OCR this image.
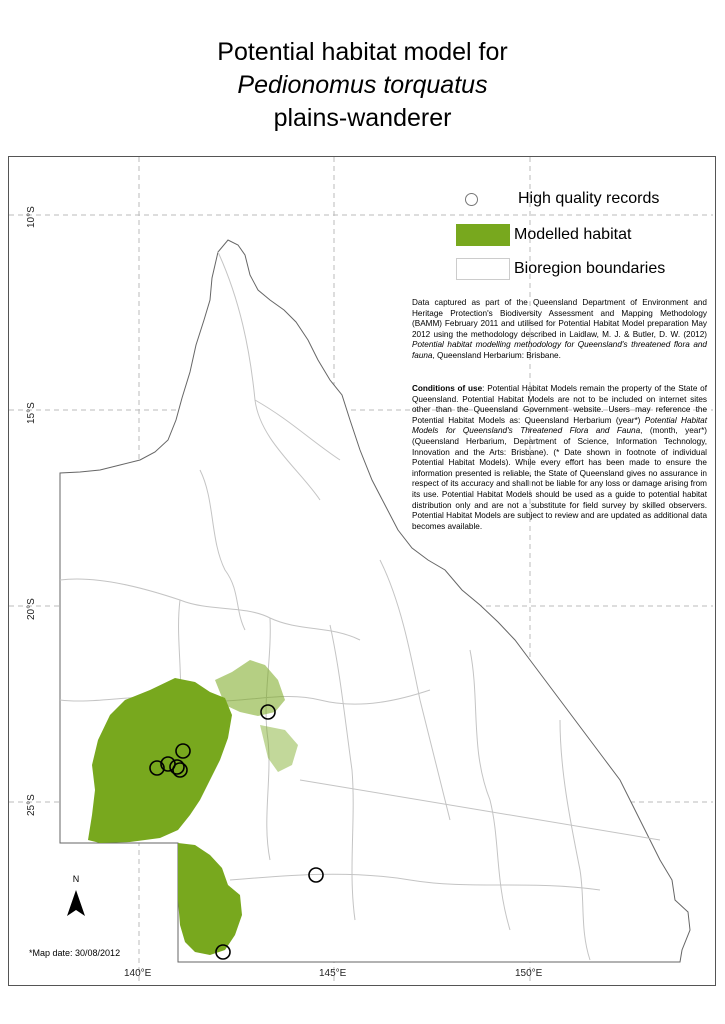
Potential habitat model for
Pedionomus torquatus
plains-wanderer
10°S
15°S
20°S
25°S
140°E	145°E	150°E
High quality records
Modelled habitat
Bioregion boundaries
Data captured as part of the Queensland Department of Environment and Heritage Protection's Biodiversity Assessment and Mapping Methodology (BAMM) February 2011 and utilised for Potential Habitat Model preparation May 2012 using the methodology described in Laidlaw, M. J. & Butler, D. W. (2012) Potential habitat modelling methodology for Queensland's threatened flora and fauna, Queensland Herbarium: Brisbane.
Conditions of use: Potential Habitat Models remain the property of the State of Queensland. Potential Habitat Models are not to be included on internet sites other than the Queensland Government website. Users may reference the Potential Habitat Models as: Queensland Herbarium (year*) Potential Habitat Models for Queensland's Threatened Flora and Fauna, (month, year*) (Queensland Herbarium, Department of Science, Information Technology, Innovation and the Arts: Brisbane). (* Date shown in footnote of individual Potential Habitat Models). While every effort has been made to ensure the information presented is reliable, the State of Queensland gives no assurance in respect of its accuracy and shall not be liable for any loss or damage arising from its use. Potential Habitat Models should be used as a guide to potential habitat distribution only and are not a substitute for field survey by skilled observers. Potential Habitat Models are subject to review and are updated as additional data becomes available.
N
*Map date: 30/08/2012
